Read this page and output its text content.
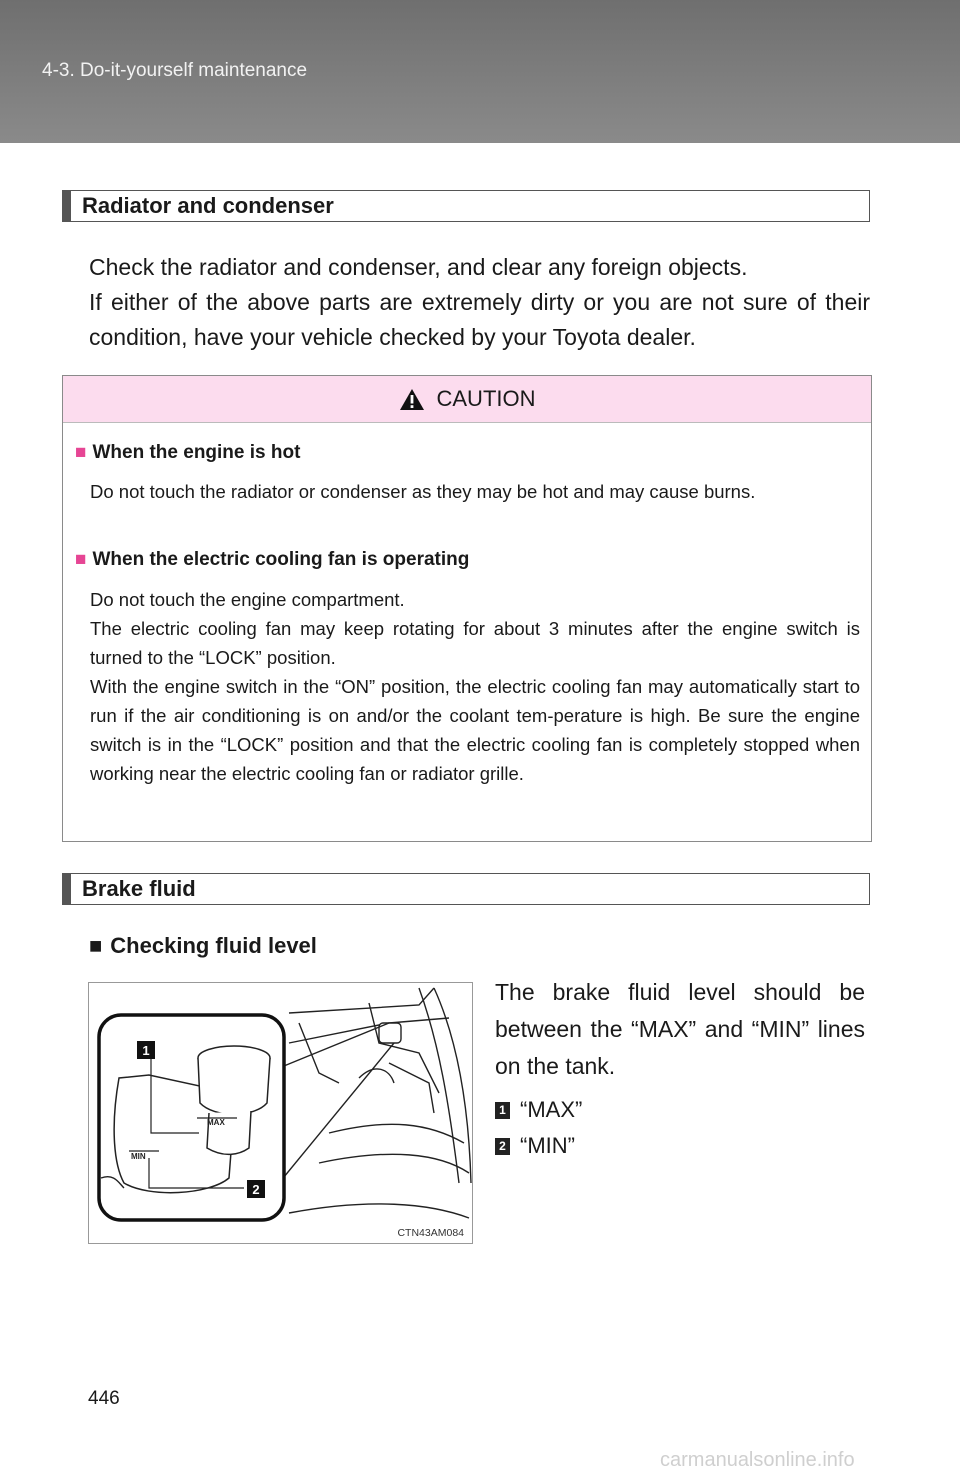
4-3. Do-it-yourself maintenance
Radiator and condenser
Check the radiator and condenser, and clear any foreign objects.
If either of the above parts are extremely dirty or you are not sure of their condition, have your vehicle checked by your Toyota dealer.
CAUTION
■ When the engine is hot
Do not touch the radiator or condenser as they may be hot and may cause burns.
■ When the electric cooling fan is operating
Do not touch the engine compartment.
The electric cooling fan may keep rotating for about 3 minutes after the engine switch is turned to the “LOCK” position.
With the engine switch in the “ON” position, the electric cooling fan may automatically start to run if the air conditioning is on and/or the coolant tem-perature is high. Be sure the engine switch is in the “LOCK” position and that the electric cooling fan is completely stopped when working near the electric cooling fan or radiator grille.
Brake fluid
■ Checking fluid level
MAX
MIN
1
2
CTN43AM084
The brake fluid level should be between the “MAX” and “MIN” lines on the tank.
1 “MAX”
2 “MIN”
446
carmanualsonline.info
